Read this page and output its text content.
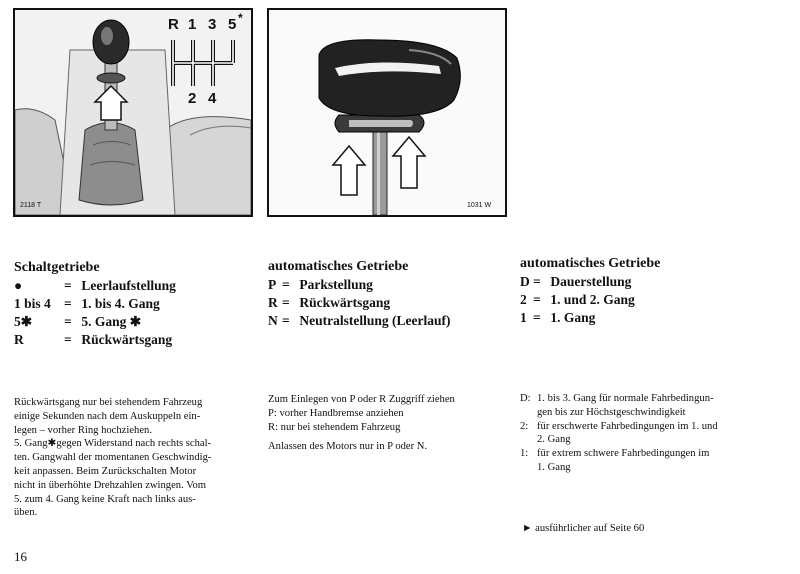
R 1 3 5 *
2 4
2118 T	1031 W
Schaltgetriebe
●	= Leerlaufstellung
1 bis 4 = 1. bis 4. Gang
5✱ = 5. Gang ✱
R	= Rückwärtsgang
Rückwärtsgang nur bei stehendem Fahrzeug
einige Sekunden nach dem Auskuppeln ein-
legen – vorher Ring hochziehen.
5. Gang✱gegen Widerstand nach rechts schal-
ten. Gangwahl der momentanen Geschwindig-
keit anpassen. Beim Zurückschalten Motor
nicht in überhöhte Drehzahlen zwingen. Vom
5. zum 4. Gang keine Kraft nach links aus-
üben.
16
automatisches Getriebe
P = Parkstellung
R = Rückwärtsgang
N = Neutralstellung (Leerlauf)
Zum Einlegen von P oder R Zuggriff ziehen
P: vorher Handbremse anziehen
R: nur bei stehendem Fahrzeug
Anlassen des Motors nur in P oder N.
automatisches Getriebe
D = Dauerstellung
2 = 1. und 2. Gang
1 = 1. Gang
D: 1. bis 3. Gang für normale Fahrbedingun-
gen bis zur Höchstgeschwindigkeit
2: für erschwerte Fahrbedingungen im 1. und
2. Gang
1: für extrem schwere Fahrbedingungen im
1. Gang
► ausführlicher auf Seite 60
